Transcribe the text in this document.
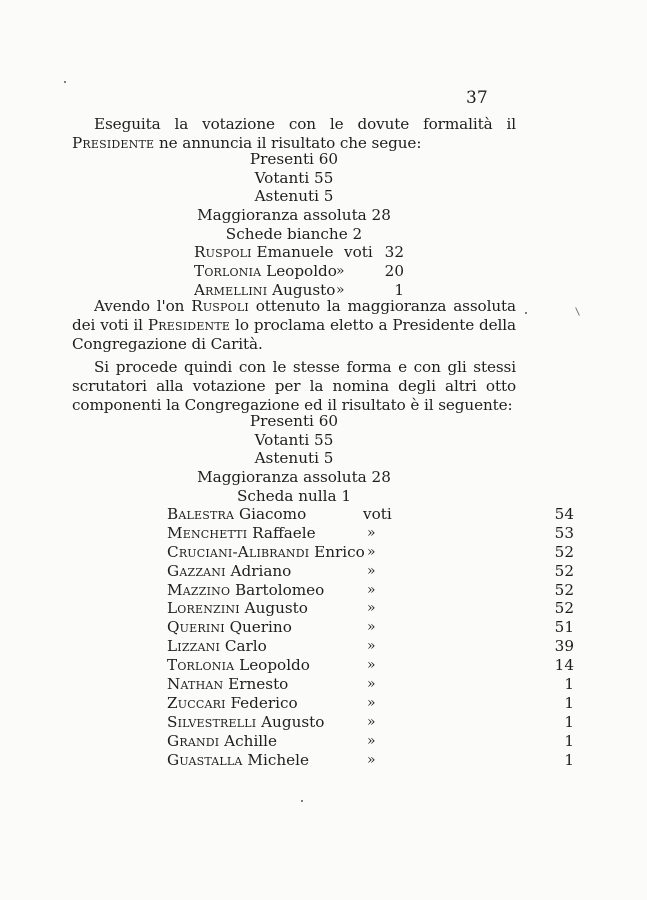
37
Eseguita la votazione con le dovute formalità il Presidente ne annuncia il risultato che segue:
Presenti 60
Votanti 55
Astenuti 5
Maggioranza assoluta 28
Schede bianche 2
Ruspoli Emanuele voti 32
Torlonia Leopoldo »	20
Armellini Augusto »	1
Avendo l'on Ruspoli ottenuto la maggioranza assoluta dei voti il Presidente lo proclama eletto a Presidente della Congregazione di Carità.
Si procede quindi con le stesse forma e con gli stessi scrutatori alla votazione per la nomina degli altri otto componenti la Congregazione ed il risultato è il seguente:
Presenti 60
Votanti 55
Astenuti 5
Maggioranza assoluta 28
Scheda nulla 1
Balestra Giacomo	voti	54
Menchetti Raffaele	»	53
Cruciani-Alibrandi Enrico »	52
Gazzani Adriano	»	52
Mazzino Bartolomeo	»	52
Lorenzini Augusto	»	52
Querini Querino	»	51
Lizzani Carlo	»	39
Torlonia Leopoldo	»	14
Nathan Ernesto	»	1
Zuccari Federico	»	1
Silvestrelli Augusto	»	1
Grandi Achille	»	1
Guastalla Michele	»	1
